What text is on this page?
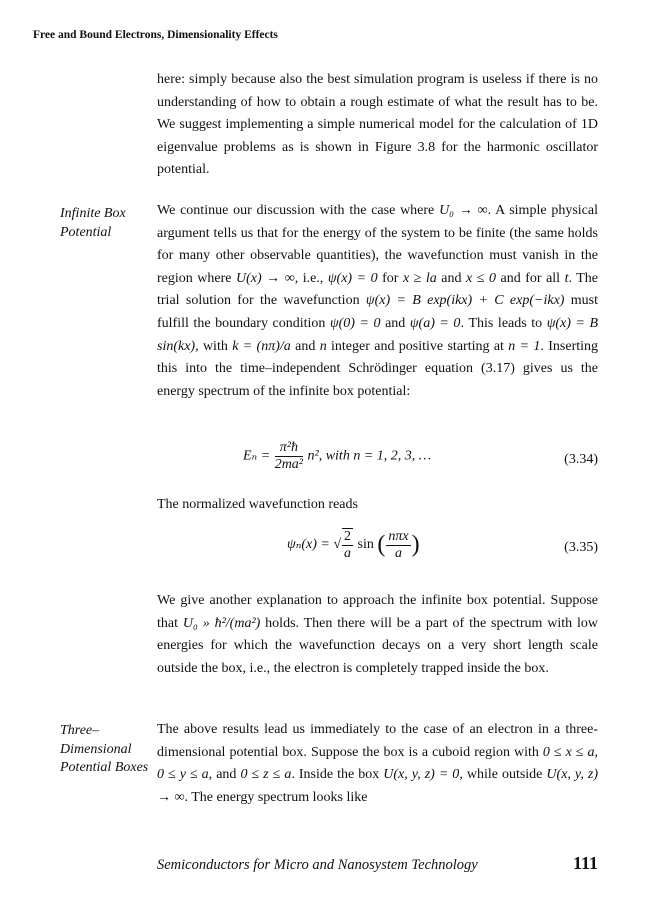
Free and Bound Electrons, Dimensionality Effects

here: simply because also the best simulation program is useless if there is no understanding of how to obtain a rough estimate of what the result has to be. We suggest implementing a simple numerical model for the calculation of 1D eigenvalue problems as is shown in Figure 3.8 for the harmonic oscillator potential.

Infinite Box Potential

We continue our discussion with the case where U₀ → ∞. A simple physical argument tells us that for the energy of the system to be finite (the same holds for many other observable quantities), the wavefunction must vanish in the region where U(x) → ∞, i.e., ψ(x) = 0 for x ≥ la and x ≤ 0 and for all t. The trial solution for the wavefunction ψ(x) = B exp(ikx) + C exp(−ikx) must fulfill the boundary condition ψ(0) = 0 and ψ(a) = 0. This leads to ψ(x) = B sin(kx), with k = (nπ)/a and n integer and positive starting at n = 1. Inserting this into the time–independent Schrödinger equation (3.17) gives us the energy spectrum of the infinite box potential:

$E_n = \frac{\text{π²ħ}}{\text{2ma²}} n^2$, with n = 1, 2, 3, …	(3.34)

The normalized wavefunction reads

ψₙ(x) = √ $\frac{2}{a}$ sin ( $\frac{\text{nπx}}{a}$ )	(3.35)

We give another explanation to approach the infinite box potential. Suppose that U₀ » ħ²/(ma²) holds. Then there will be a part of the spectrum with low energies for which the wavefunction decays on a very short length scale outside the box, i.e., the electron is completely trapped inside the box.

Three–Dimensional Potential Boxes

The above results lead us immediately to the case of an electron in a three-dimensional potential box. Suppose the box is a cuboid region with 0 ≤ x ≤ a, 0 ≤ y ≤ a, and 0 ≤ z ≤ a. Inside the box U(x, y, z) = 0, while outside U(x, y, z) → ∞. The energy spectrum looks like

Semiconductors for Micro and Nanosystem Technology	111
